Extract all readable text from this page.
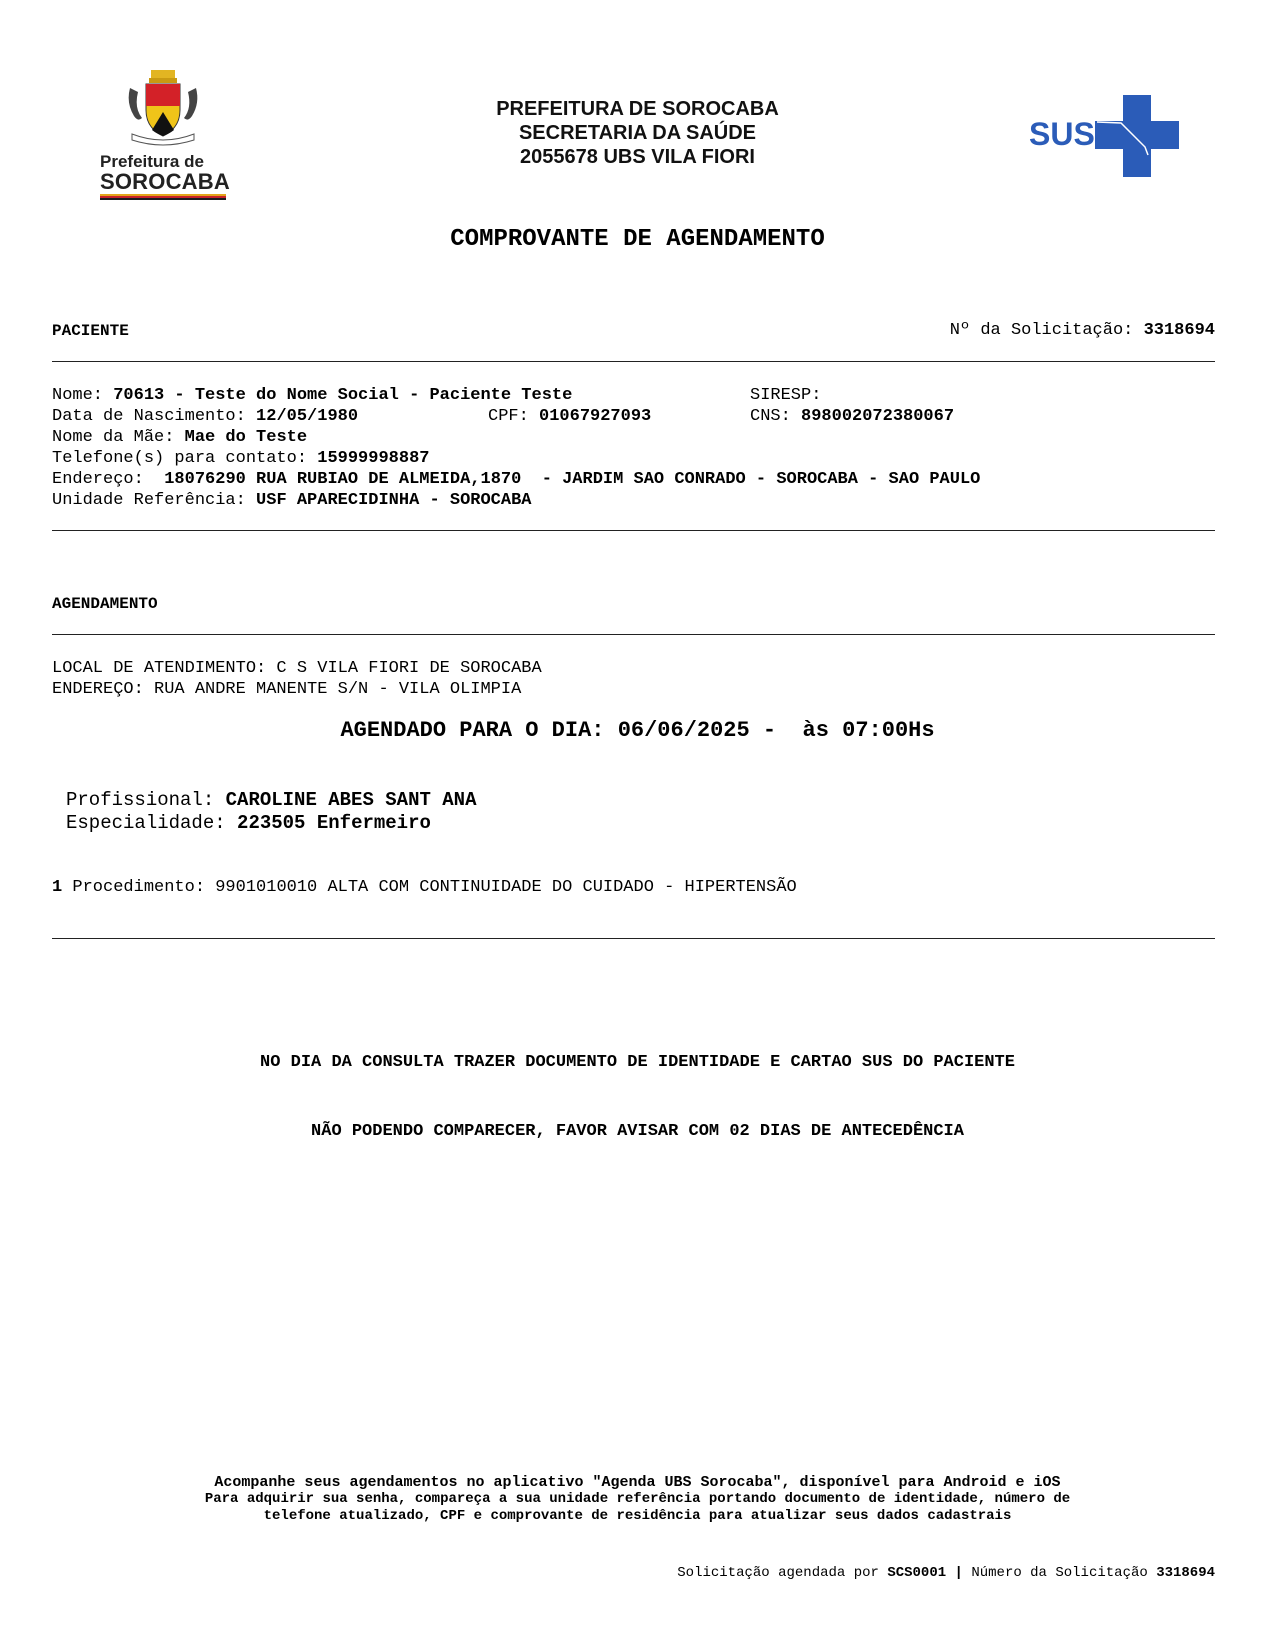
Prefeitura de
SOROCABA
PREFEITURA DE SOROCABA
SECRETARIA DA SAÚDE
2055678 UBS VILA FIORI
SUS
COMPROVANTE DE AGENDAMENTO
PACIENTE	Nº da Solicitação: 3318694
Nome: 70613 - Teste do Nome Social - Paciente Teste	SIRESP:
Data de Nascimento: 12/05/1980	CPF: 01067927093	CNS: 898002072380067
Nome da Mãe: Mae do Teste
Telefone(s) para contato: 15999998887
Endereço: 18076290 RUA RUBIAO DE ALMEIDA,1870  - JARDIM SAO CONRADO - SOROCABA - SAO PAULO
Unidade Referência: USF APARECIDINHA - SOROCABA
AGENDAMENTO
LOCAL DE ATENDIMENTO: C S VILA FIORI DE SOROCABA
ENDEREÇO: RUA ANDRE MANENTE S/N - VILA OLIMPIA
AGENDADO PARA O DIA: 06/06/2025 -  às 07:00Hs
Profissional: CAROLINE ABES SANT ANA
Especialidade: 223505 Enfermeiro
1 Procedimento: 9901010010 ALTA COM CONTINUIDADE DO CUIDADO - HIPERTENSÃO

NO DIA DA CONSULTA TRAZER DOCUMENTO DE IDENTIDADE E CARTAO SUS DO PACIENTE

NÃO PODENDO COMPARECER, FAVOR AVISAR COM 02 DIAS DE ANTECEDÊNCIA

Acompanhe seus agendamentos no aplicativo "Agenda UBS Sorocaba", disponível para Android e iOS
Para adquirir sua senha, compareça a sua unidade referência portando documento de identidade, número de
telefone atualizado, CPF e comprovante de residência para atualizar seus dados cadastrais
Solicitação agendada por SCS0001 | Número da Solicitação 3318694
